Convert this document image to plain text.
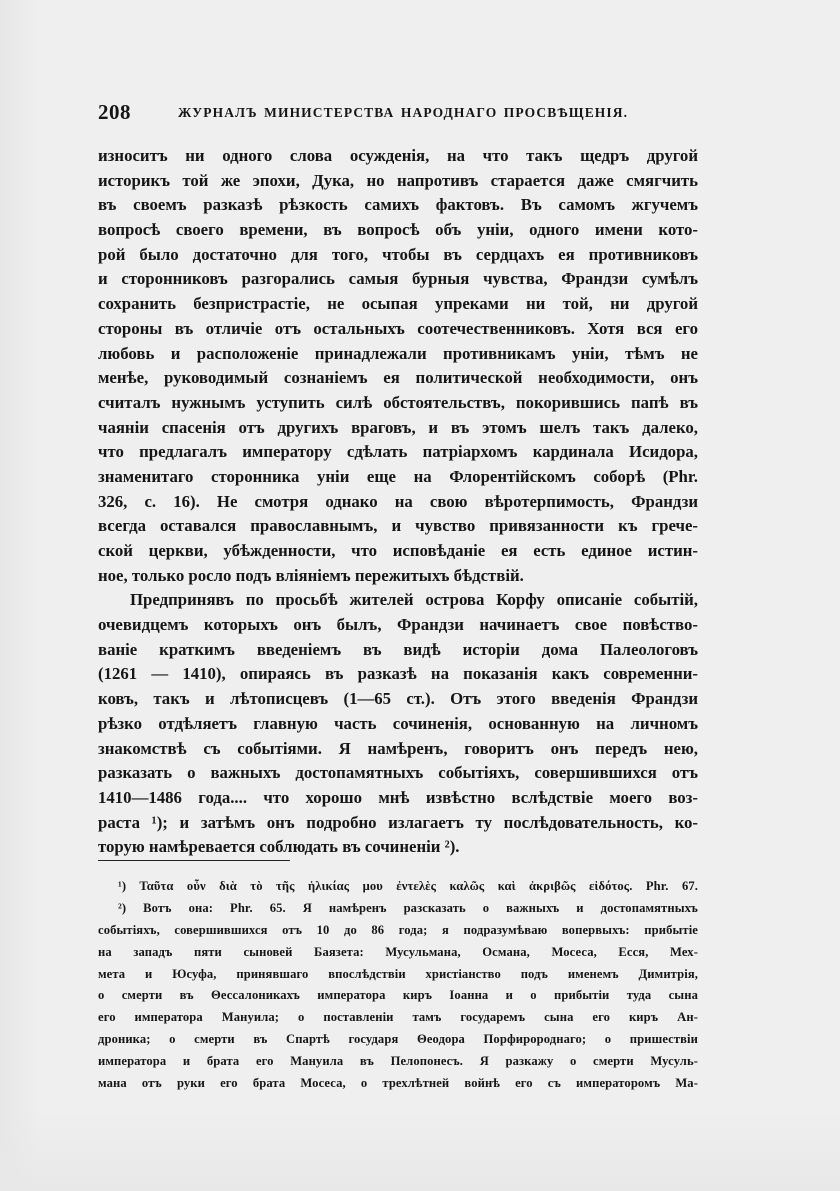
208	ЖУРНАЛЪ МИНИСТЕРСТВА НАРОДНАГО ПРОСВѢЩЕНІЯ.
износитъ ни одного слова осужденія, на что такъ щедръ другой
историкъ той же эпохи, Дука, но напротивъ старается даже смягчить
въ своемъ разказѣ рѣзкость самихъ фактовъ. Въ самомъ жгучемъ
вопросѣ своего времени, въ вопросѣ объ уніи, одного имени кото-
рой было достаточно для того, чтобы въ сердцахъ ея противниковъ
и сторонниковъ разгорались самыя бурныя чувства, Франдзи сумѣлъ
сохранить безпристрастіе, не осыпая упреками ни той, ни другой
стороны въ отличіе отъ остальныхъ соотечественниковъ. Хотя вся его
любовь и расположеніе принадлежали противникамъ уніи, тѣмъ не
менѣе, руководимый сознаніемъ ея политической необходимости, онъ
считалъ нужнымъ уступить силѣ обстоятельствъ, покорившись папѣ въ
чаяніи спасенія отъ другихъ враговъ, и въ этомъ шелъ такъ далеко,
что предлагалъ императору сдѣлать патріархомъ кардинала Исидора,
знаменитаго сторонника уніи еще на Флорентійскомъ соборѣ (Phr.
326, с. 16). Не смотря однако на свою вѣротерпимость, Франдзи
всегда оставался православнымъ, и чувство привязанности къ грече-
ской церкви, убѣжденности, что исповѣданіе ея есть единое истин-
ное, только росло подъ вліяніемъ пережитыхъ бѣдствій.
Предпринявъ по просьбѣ жителей острова Корфу описаніе событій,
очевидцемъ которыхъ онъ былъ, Франдзи начинаетъ свое повѣство-
ваніе краткимъ введеніемъ въ видѣ исторіи дома Палеологовъ
(1261 — 1410), опираясь въ разказѣ на показанія какъ современни-
ковъ, такъ и лѣтописцевъ (1—65 ст.). Отъ этого введенія Франдзи
рѣзко отдѣляетъ главную часть сочиненія, основанную на личномъ
знакомствѣ съ событіями. Я намѣренъ, говоритъ онъ передъ нею,
разказать о важныхъ достопамятныхъ событіяхъ, совершившихся отъ
1410—1486 года.... что хорошо мнѣ извѣстно вслѣдствіе моего воз-
раста ¹); и затѣмъ онъ подробно излагаетъ ту послѣдовательность, ко-
торую намѣревается соблюдать въ сочиненіи ²).
¹) Ταῦτα οὖν διὰ τὸ τῆς ἡλικίας μου ἐντελὲς καλῶς καὶ ἀκριβῶς εἰδότος. Phr. 67.
²) Вотъ она: Phr. 65. Я намѣренъ разсказать о важныхъ и достопамятныхъ
событіяхъ, совершившихся отъ 10 до 86 года; я подразумѣваю вопервыхъ: прибытіе
на западъ пяти сыновей Баязета: Мусульмана, Османа, Мосеса, Есся, Мех-
мета и Юсуфа, принявшаго впослѣдствіи христіанство подъ именемъ Димитрія,
о смерти въ Θессалоникахъ императора киръ Іоанна и о прибытіи туда сына
его императора Мануила; о поставленіи тамъ государемъ сына его киръ Ан-
дроника; о смерти въ Спартѣ государя Θеодора Порфиророднаго; о пришествіи
императора и брата его Мануила въ Пелопонесъ. Я разкажу о смерти Мусуль-
мана отъ руки его брата Мосеса, о трехлѣтней войнѣ его съ императоромъ Ма-
